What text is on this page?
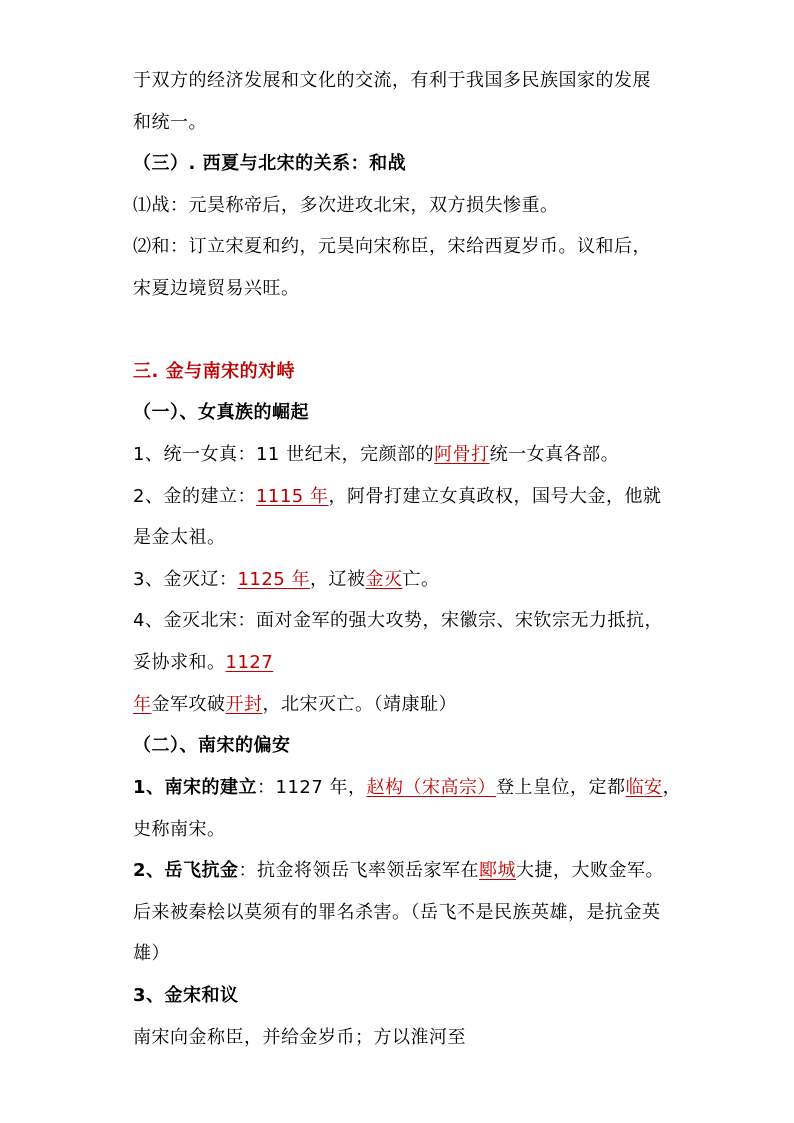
于双方的经济发展和文化的交流，有利于我国多民族国家的发展
和统一。
（三）. 西夏与北宋的关系：和战
⑴战：元昊称帝后，多次进攻北宋，双方损失惨重。
⑵和：订立宋夏和约，元昊向宋称臣，宋给西夏岁币。议和后，
宋夏边境贸易兴旺。
三. 金与南宋的对峙
（一）、女真族的崛起
1、统一女真：11 世纪末，完颜部的阿骨打统一女真各部。
2、金的建立：1115 年，阿骨打建立女真政权，国号大金，他就
是金太祖。
3、金灭辽：1125 年，辽被金灭亡。
4、金灭北宋：面对金军的强大攻势，宋徽宗、宋钦宗无力抵抗，
妥协求和。1127
年金军攻破开封，北宋灭亡。（靖康耻）
（二）、南宋的偏安
1、南宋的建立：1127 年，赵构（宋高宗）登上皇位，定都临安，
史称南宋。
2、岳飞抗金：抗金将领岳飞率领岳家军在郾城大捷，大败金军。
后来被秦桧以莫须有的罪名杀害。（岳飞不是民族英雄，是抗金英
雄）
3、金宋和议
南宋向金称臣，并给金岁币；方以淮河至
